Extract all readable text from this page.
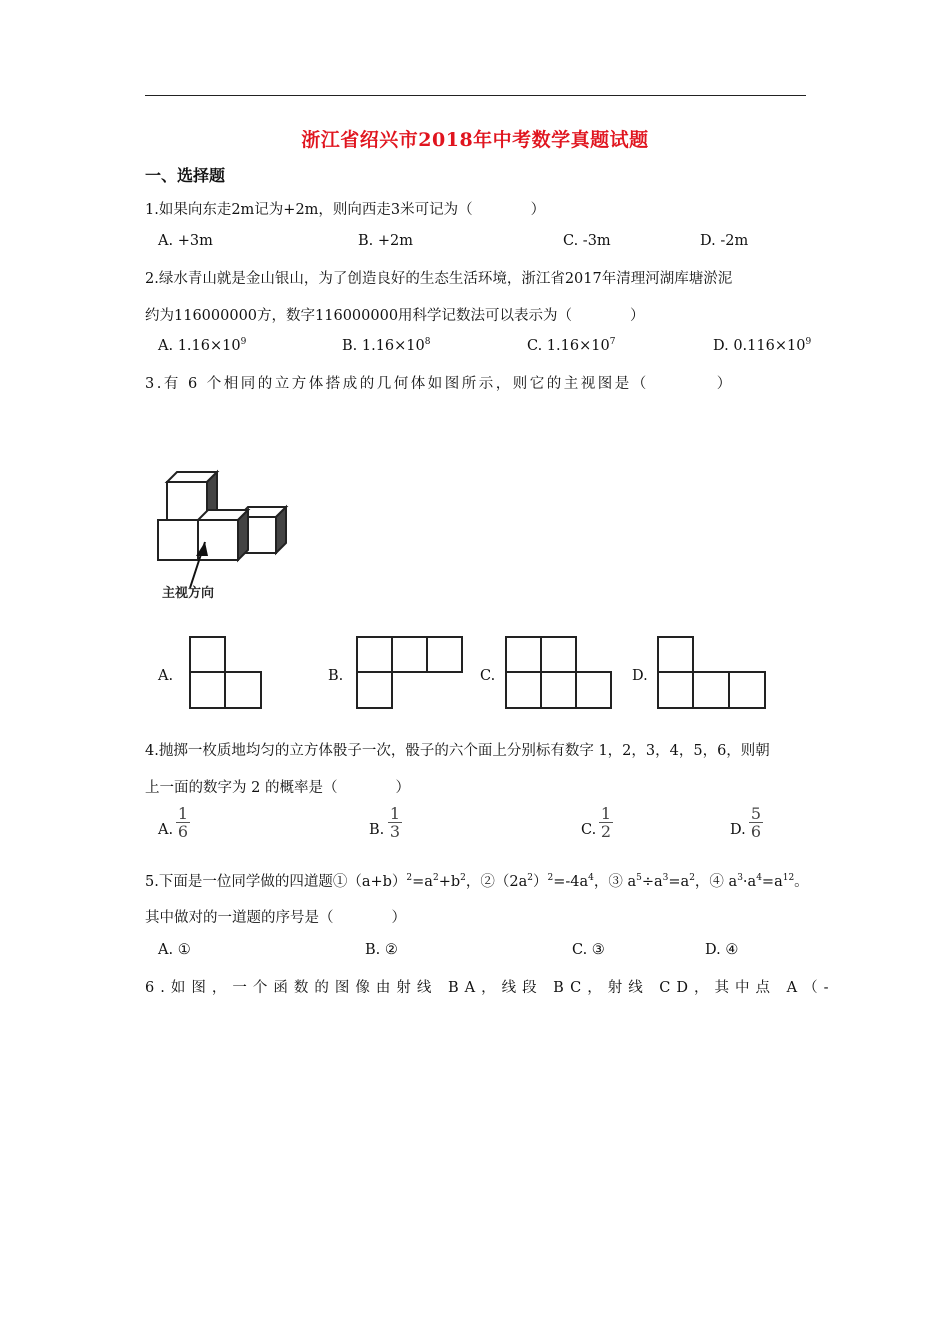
浙江省绍兴市2018年中考数学真题试题
一、选择题
1.如果向东走2m记为+2m，则向西走3米可记为（　　　　）
A. +3m	B. +2m	C. -3m	D. -2m
2.绿水青山就是金山银山，为了创造良好的生态生活环境，浙江省2017年清理河湖库塘淤泥
约为116000000方，数字116000000用科学记数法可以表示为（　　　　）
A. $1.16\times 10^9$	B. $1.16\times 10^8$	C. $1.16\times 10^7$	D. $0.116\times 10^9$
3.有 6 个相同的立方体搭成的几何体如图所示，则它的主视图是（　　　　）
主视方向
A.	B.	C.	D.
4.抛掷一枚质地均匀的立方体骰子一次，骰子的六个面上分别标有数字 1，2，3，4，5，6，则朝
上一面的数字为 2 的概率是（　　　　）
A. $\frac{1}{6}$	B. $\frac{1}{3}$	C. $\frac{1}{2}$	D. $\frac{5}{6}$
5.下面是一位同学做的四道题$①(a+b)^2=a^2+b^2$，$②(2a^2)^2=-4a^4$，③ $a^5\div a^3=a^2$，④ $a^3\cdot a^4=a^{12}$。
其中做对的一道题的序号是（　　　　）
A. ①	B. ②	C. ③	D. ④
6.如图，一个函数的图像由射线 BA，线段 BC，射线 CD，其中点 A（-
